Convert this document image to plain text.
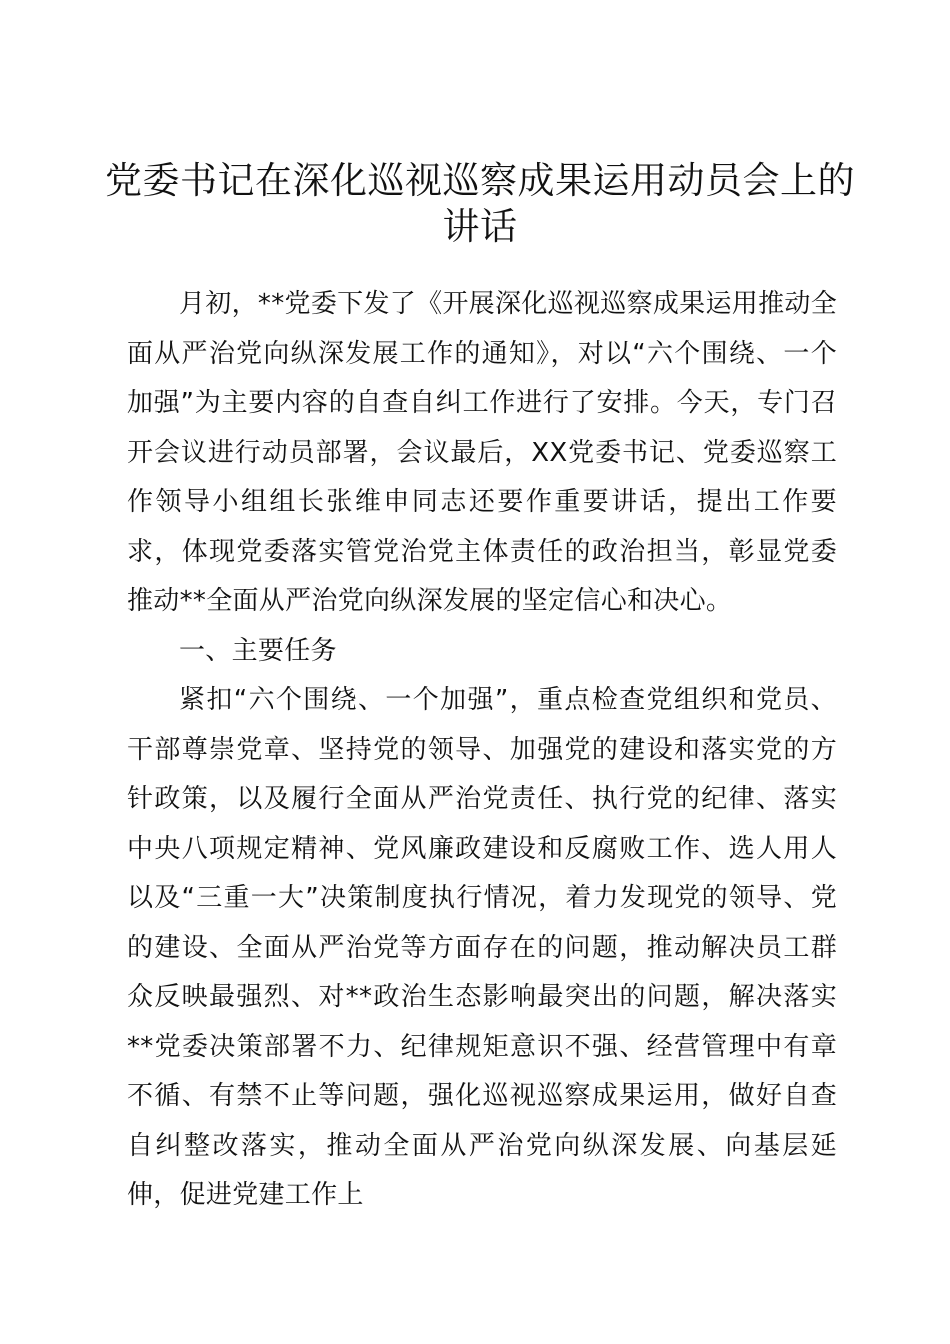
党委书记在深化巡视巡察成果运用动员会上的讲话

月初，**党委下发了《开展深化巡视巡察成果运用推动全面从严治党向纵深发展工作的通知》，对以“六个围绕、一个加强”为主要内容的自查自纠工作进行了安排。今天，专门召开会议进行动员部署，会议最后，XX党委书记、党委巡察工作领导小组组长张维申同志还要作重要讲话，提出工作要求，体现党委落实管党治党主体责任的政治担当，彰显党委推动**全面从严治党向纵深发展的坚定信心和决心。

一、主要任务

紧扣“六个围绕、一个加强”，重点检查党组织和党员、干部尊崇党章、坚持党的领导、加强党的建设和落实党的方针政策，以及履行全面从严治党责任、执行党的纪律、落实中央八项规定精神、党风廉政建设和反腐败工作、选人用人以及“三重一大”决策制度执行情况，着力发现党的领导、党的建设、全面从严治党等方面存在的问题，推动解决员工群众反映最强烈、对**政治生态影响最突出的问题，解决落实**党委决策部署不力、纪律规矩意识不强、经营管理中有章不循、有禁不止等问题，强化巡视巡察成果运用，做好自查自纠整改落实，推动全面从严治党向纵深发展、向基层延伸，促进党建工作上
